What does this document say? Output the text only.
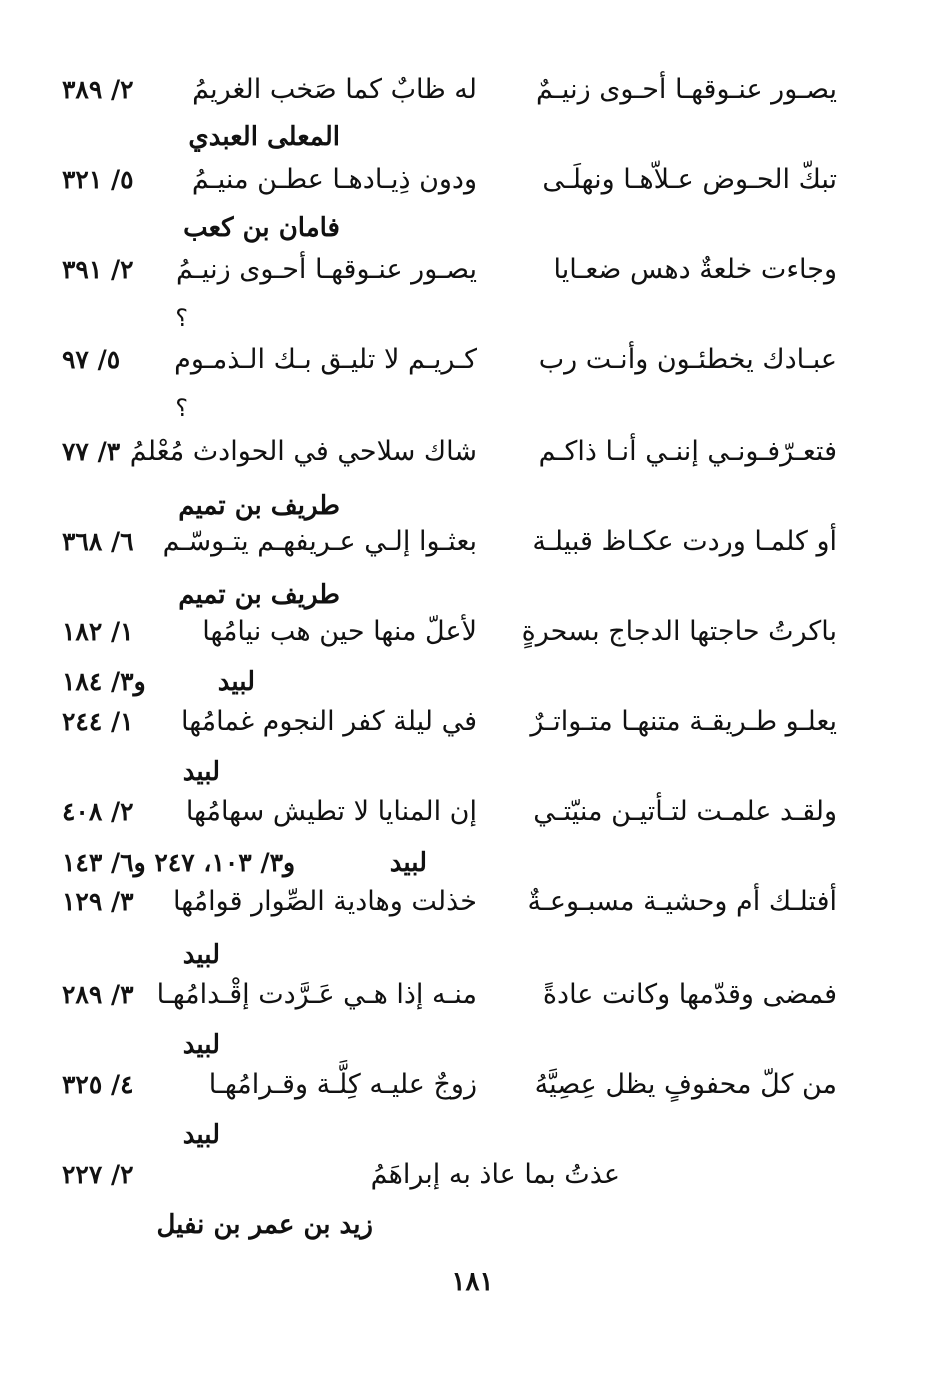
يصـور عنـوقهـا أحـوى زنيـمٌ
له ظابٌ كما صَخب الغريمُ
٢/ ٣٨٩
المعلى العبدي
تبكّ الحـوض عـلاّهـا ونهلَـى
ودون ذِيـادهـا عطـن منيـمُ
٥/ ٣٢١
فامان بن كعب
وجاءت خلعةٌ دهس ضعـايا
يصـور عنـوقهـا أحـوى زنيـمُ
٢/ ٣٩١
؟
عبـادك يخطئـون وأنـت رب
كـريـم لا تليـق بـك الـذمـوم
٥/ ٩٧
؟
فتعـرّفـونـي إننـي أنـا ذاكـم
شاك سلاحي في الحوادث مُعْلمُ
٣/ ٧٧
طريف بن تميم
أو كلمـا وردت عكـاظ قبيلـة
بعثـوا إلـي عـريفهـم يتـوسّـم
٦/ ٣٦٨
طريف بن تميم
باكرتُ حاجتها الدجاج بسحرةٍ
لأعلّ منها حين هب نيامُها
١/ ١٨٢
لبيد
و٣/ ١٨٤
يعلـو طـريقـة متنهـا متـواتـرٌ
في ليلة كفر النجوم غمامُها
١/ ٢٤٤
لبيد
ولقـد علمـت لتـأتيـن منيّتـي
إن المنايا لا تطيش سهامُها
٢/ ٤٠٨
لبيد
و٣/ ١٠٣، ٢٤٧ و٦/ ١٤٣
أفتلـك أم وحشيـة مسبـوعـةٌ
خذلت وهادية الصِّوار قوامُها
٣/ ١٢٩
لبيد
فمضى وقدّمها وكانت عادةً
منـه إذا هـي عَـرَّدت إقْـدامُهـا
٣/ ٢٨٩
لبيد
من كلّ محفوفٍ يظل عِصِيَّهُ
زوجٌ عليـه كِلَّـة وقـرامُهـا
٤/ ٣٢٥
لبيد
عذتُ بما عاذ به إبراهَمُ
٢/ ٢٢٧
زيد بن عمر بن نفيل
١٨١
